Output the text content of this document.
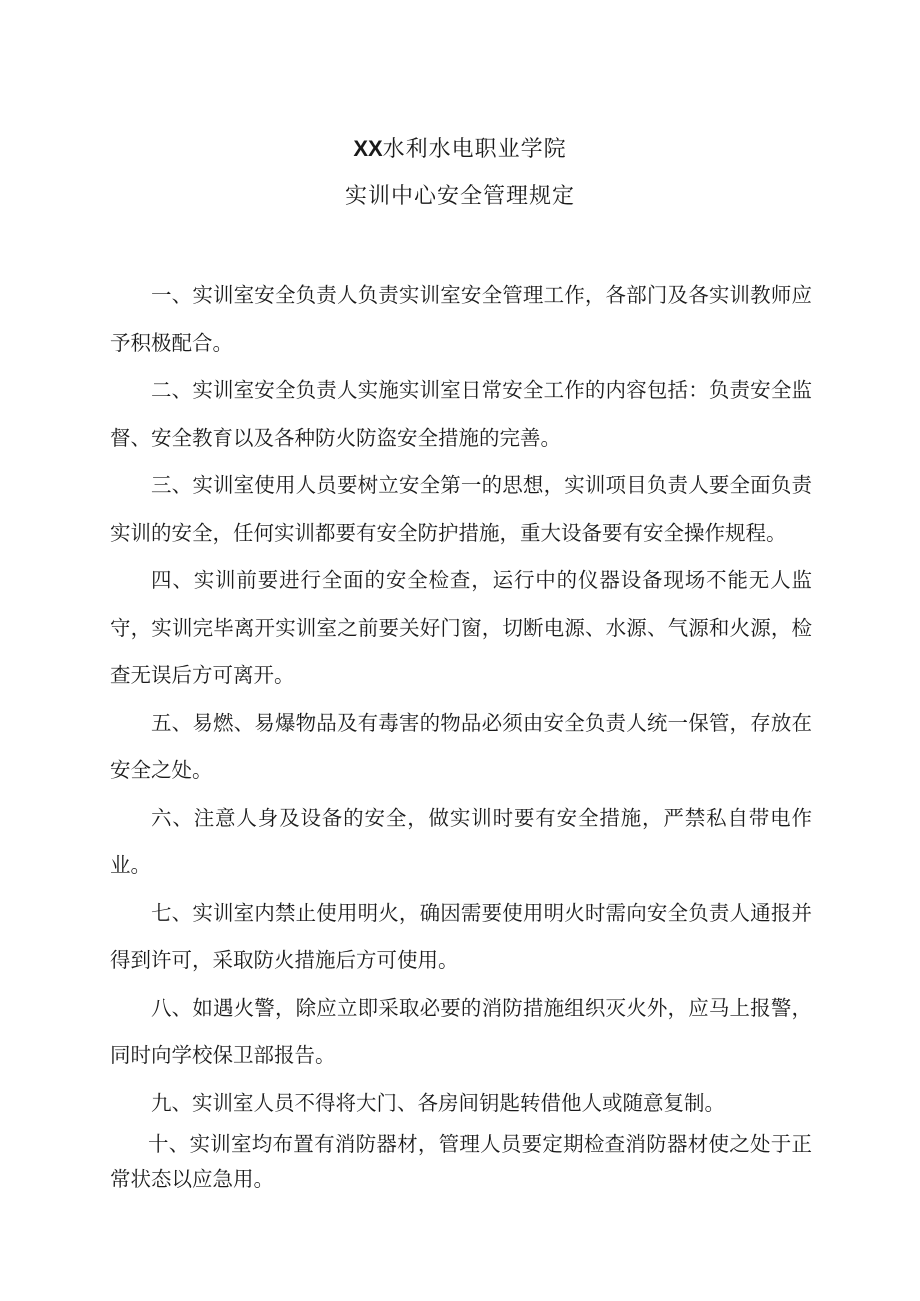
XX水利水电职业学院
实训中心安全管理规定

一、实训室安全负责人负责实训室安全管理工作，各部门及各实训教师应予积极配合。

二、实训室安全负责人实施实训室日常安全工作的内容包括：负责安全监督、安全教育以及各种防火防盗安全措施的完善。

三、实训室使用人员要树立安全第一的思想，实训项目负责人要全面负责实训的安全，任何实训都要有安全防护措施，重大设备要有安全操作规程。

四、实训前要进行全面的安全检查，运行中的仪器设备现场不能无人监守，实训完毕离开实训室之前要关好门窗，切断电源、水源、气源和火源，检查无误后方可离开。

五、易燃、易爆物品及有毒害的物品必须由安全负责人统一保管，存放在安全之处。

六、注意人身及设备的安全，做实训时要有安全措施，严禁私自带电作业。

七、实训室内禁止使用明火，确因需要使用明火时需向安全负责人通报并得到许可，采取防火措施后方可使用。

八、如遇火警，除应立即采取必要的消防措施组织灭火外，应马上报警，同时向学校保卫部报告。

九、实训室人员不得将大门、各房间钥匙转借他人或随意复制。

十、实训室均布置有消防器材，管理人员要定期检查消防器材使之处于正常状态以应急用。
